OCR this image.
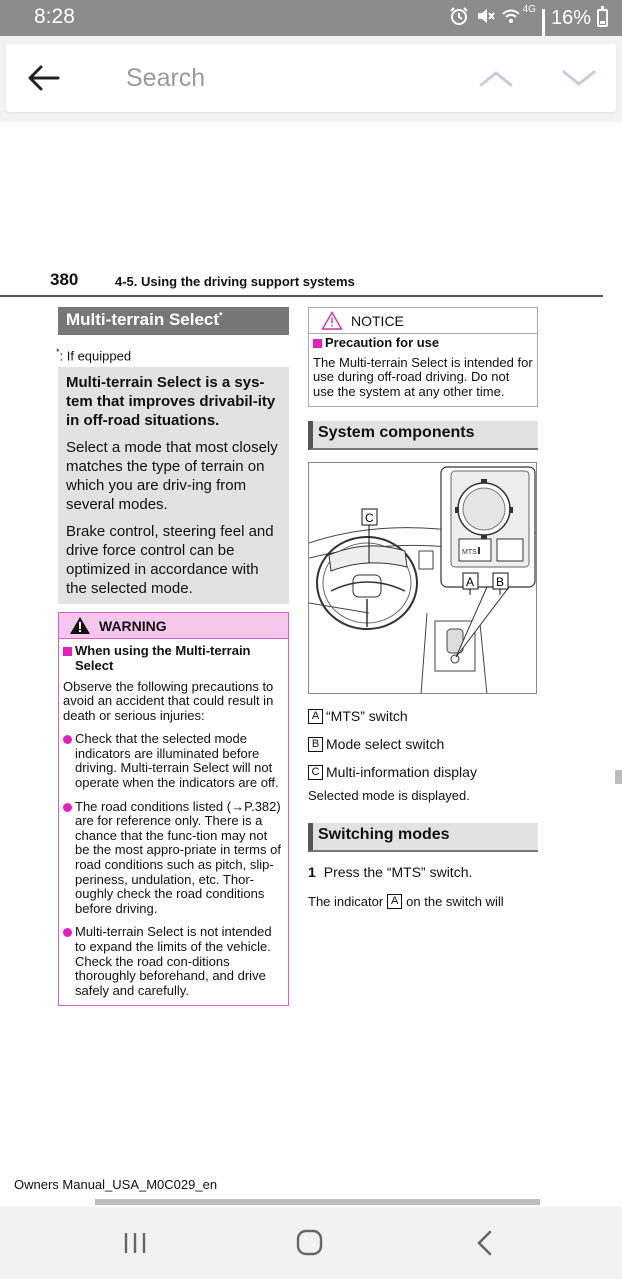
8:28	4G 16%
Search
380	4-5. Using the driving support systems
Multi-terrain Select*
*: If equipped
Multi-terrain Select is a sys-tem that improves drivabil-ity in off-road situations.

Select a mode that most closely matches the type of terrain on which you are driv-ing from several modes.

Brake control, steering feel and drive force control can be optimized in accordance with the selected mode.

WARNING
When using the Multi-terrain Select
Observe the following precautions to avoid an accident that could result in death or serious injuries:
Check that the selected mode indicators are illuminated before driving. Multi-terrain Select will not operate when the indicators are off.
The road conditions listed (→P.382) are for reference only. There is a chance that the func-tion may not be the most appro-priate in terms of road conditions such as pitch, slip-periness, undulation, etc. Thor-oughly check the road conditions before driving.
Multi-terrain Select is not intended to expand the limits of the vehicle. Check the road con-ditions thoroughly beforehand, and drive safely and carefully.
NOTICE
Precaution for use

The Multi-terrain Select is intended for use during off-road driving. Do not use the system at any other time.

System components
MTS
A B
C
A “MTS” switch
B Mode select switch
C Multi-information display
Selected mode is displayed.
Switching modes
1 Press the “MTS” switch.
The indicator A on the switch will
Owners Manual_USA_M0C029_en
